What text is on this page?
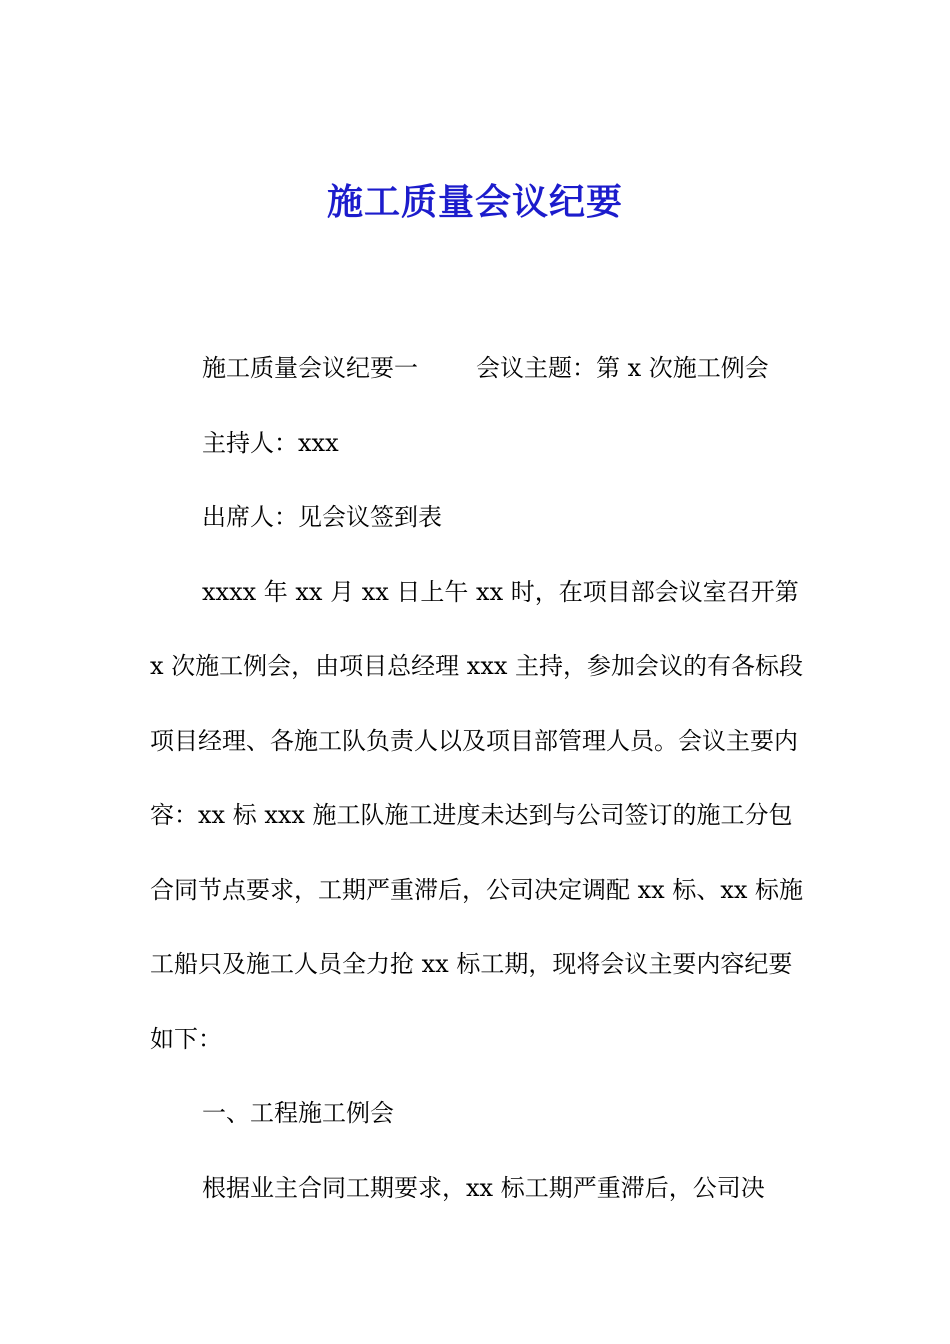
施工质量会议纪要

施工质量会议纪要一 会议主题：第 x 次施工例会

主持人：xxx

出席人：见会议签到表

xxxx 年 xx 月 xx 日上午 xx 时，在项目部会议室召开第 x 次施工例会，由项目总经理 xxx 主持，参加会议的有各标段项目经理、各施工队负责人以及项目部管理人员。会议主要内容：xx 标 xxx 施工队施工进度未达到与公司签订的施工分包合同节点要求，工期严重滞后，公司决定调配 xx 标、xx 标施工船只及施工人员全力抢 xx 标工期，现将会议主要内容纪要如下：

一、工程施工例会

根据业主合同工期要求，xx 标工期严重滞后，公司决
